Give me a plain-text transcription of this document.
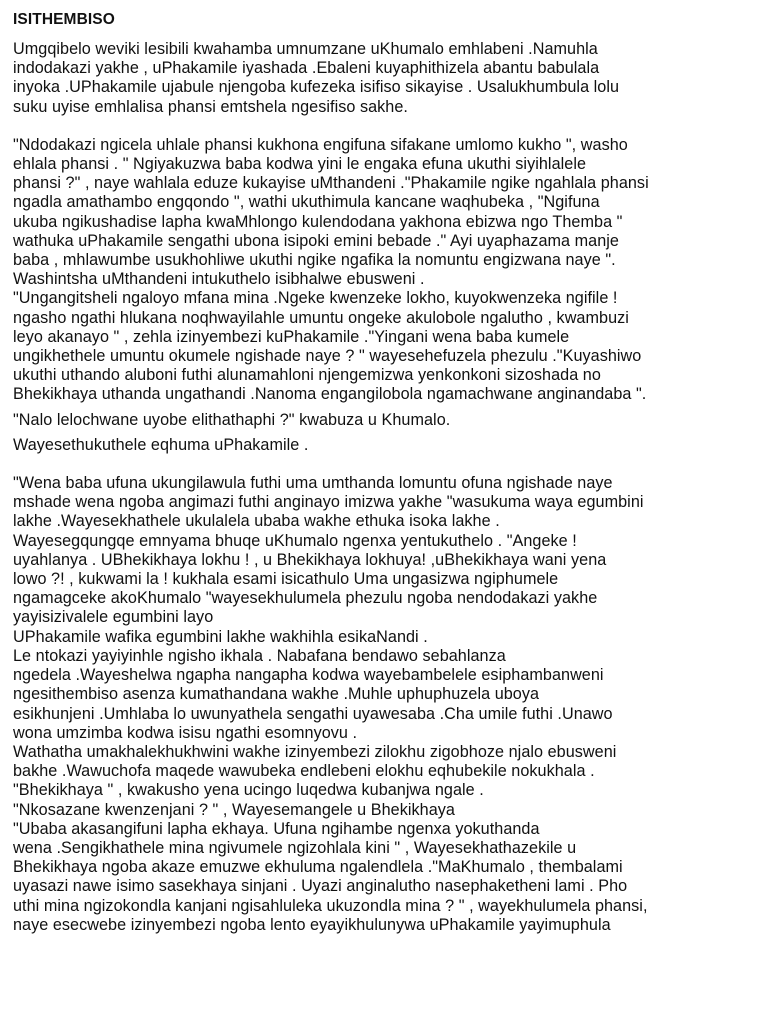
ISITHEMBISO
Umgqibelo weviki lesibili kwahamba umnumzane uKhumalo emhlabeni .Namuhla
indodakazi yakhe , uPhakamile iyashada .Ebaleni kuyaphithizela abantu babulala
inyoka .UPhakamile ujabule njengoba kufezeka isifiso sikayise . Usalukhumbula lolu
suku uyise emhlalisa phansi emtshela ngesifiso sakhe.
"Ndodakazi ngicela uhlale phansi kukhona engifuna sifakane umlomo kukho ", washo
ehlala phansi . " Ngiyakuzwa baba kodwa yini le engaka efuna ukuthi siyihlalele
phansi ?" , naye wahlala eduze kukayise uMthandeni ."Phakamile ngike ngahlala phansi
ngadla amathambo engqondo ", wathi ukuthimula kancane waqhubeka , "Ngifuna
ukuba ngikushadise lapha kwaMhlongo kulendodana yakhona ebizwa ngo Themba "
wathuka uPhakamile sengathi ubona isipoki emini bebade ." Ayi uyaphazama manje
baba , mhlawumbe usukhohliwe ukuthi ngike ngafika la nomuntu engizwana naye ".
Washintsha uMthandeni intukuthelo isibhalwe ebusweni .
"Ungangitsheli ngaloyo mfana mina .Ngeke kwenzeke lokho, kuyokwenzeka ngifile !
ngasho ngathi hlukana noqhwayilahle umuntu ongeke akulobole ngalutho , kwambuzi
leyo akanayo " , zehla izinyembezi kuPhakamile ."Yingani wena baba kumele
ungikhethele umuntu okumele ngishade naye ? " wayesehefuzela phezulu ."Kuyashiwo
ukuthi uthando aluboni futhi alunamahloni njengemizwa yenkonkoni sizoshada no
Bhekikhaya uthanda ungathandi .Nanoma engangilobola ngamachwane anginandaba ".
"Nalo lelochwane uyobe elithathaphi ?" kwabuza u Khumalo.
Wayesethukuthele eqhuma uPhakamile .
"Wena baba ufuna ukungilawula futhi uma umthanda lomuntu ofuna ngishade naye
mshade wena ngoba angimazi futhi anginayo imizwa yakhe "wasukuma waya egumbini
lakhe .Wayesekhathele ukulalela ubaba wakhe ethuka isoka lakhe .
Wayesegqungqe emnyama bhuqe uKhumalo ngenxa yentukuthelo . "Angeke !
uyahlanya . UBhekikhaya lokhu ! , u Bhekikhaya lokhuya! ,uBhekikhaya wani yena
lowo ?! , kukwami la ! kukhala esami isicathulo Uma ungasizwa ngiphumele
ngamagceke akoKhumalo "wayesekhulumela phezulu ngoba nendodakazi yakhe
yayisizivalele egumbini layo
UPhakamile wafika egumbini lakhe wakhihla esikaNandi .
Le ntokazi yayiyinhle ngisho ikhala . Nabafana bendawo sebahlanza
ngedela .Wayeshelwa ngapha nangapha kodwa wayebambelele esiphambanweni
ngesithembiso asenza kumathandana wakhe .Muhle uphuphuzela uboya
esikhunjeni .Umhlaba lo uwunyathela sengathi uyawesaba .Cha umile futhi .Unawo
wona umzimba kodwa isisu ngathi esomnyovu .
Wathatha umakhalekhukhwini wakhe izinyembezi zilokhu zigobhoze njalo ebusweni
bakhe .Wawuchofa maqede wawubeka endlebeni elokhu eqhubekile nokukhala .
"Bhekikhaya " , kwakusho yena ucingo luqedwa kubanjwa ngale .
"Nkosazane kwenzenjani ? " , Wayesemangele u Bhekikhaya
"Ubaba akasangifuni lapha ekhaya. Ufuna ngihambe ngenxa yokuthanda
wena .Sengikhathele mina ngivumele ngizohlala kini " , Wayesekhathazekile u
Bhekikhaya ngoba akaze emuzwe ekhuluma ngalendlela ."MaKhumalo , thembalami
uyasazi nawe isimo sasekhaya sinjani . Uyazi anginalutho nasephaketheni lami . Pho
uthi mina ngizokondla kanjani ngisahluleka ukuzondla mina ? " , wayekhulumela phansi,
naye esecwebe izinyembezi ngoba lento eyayikhulunywa uPhakamile yayimuphula
